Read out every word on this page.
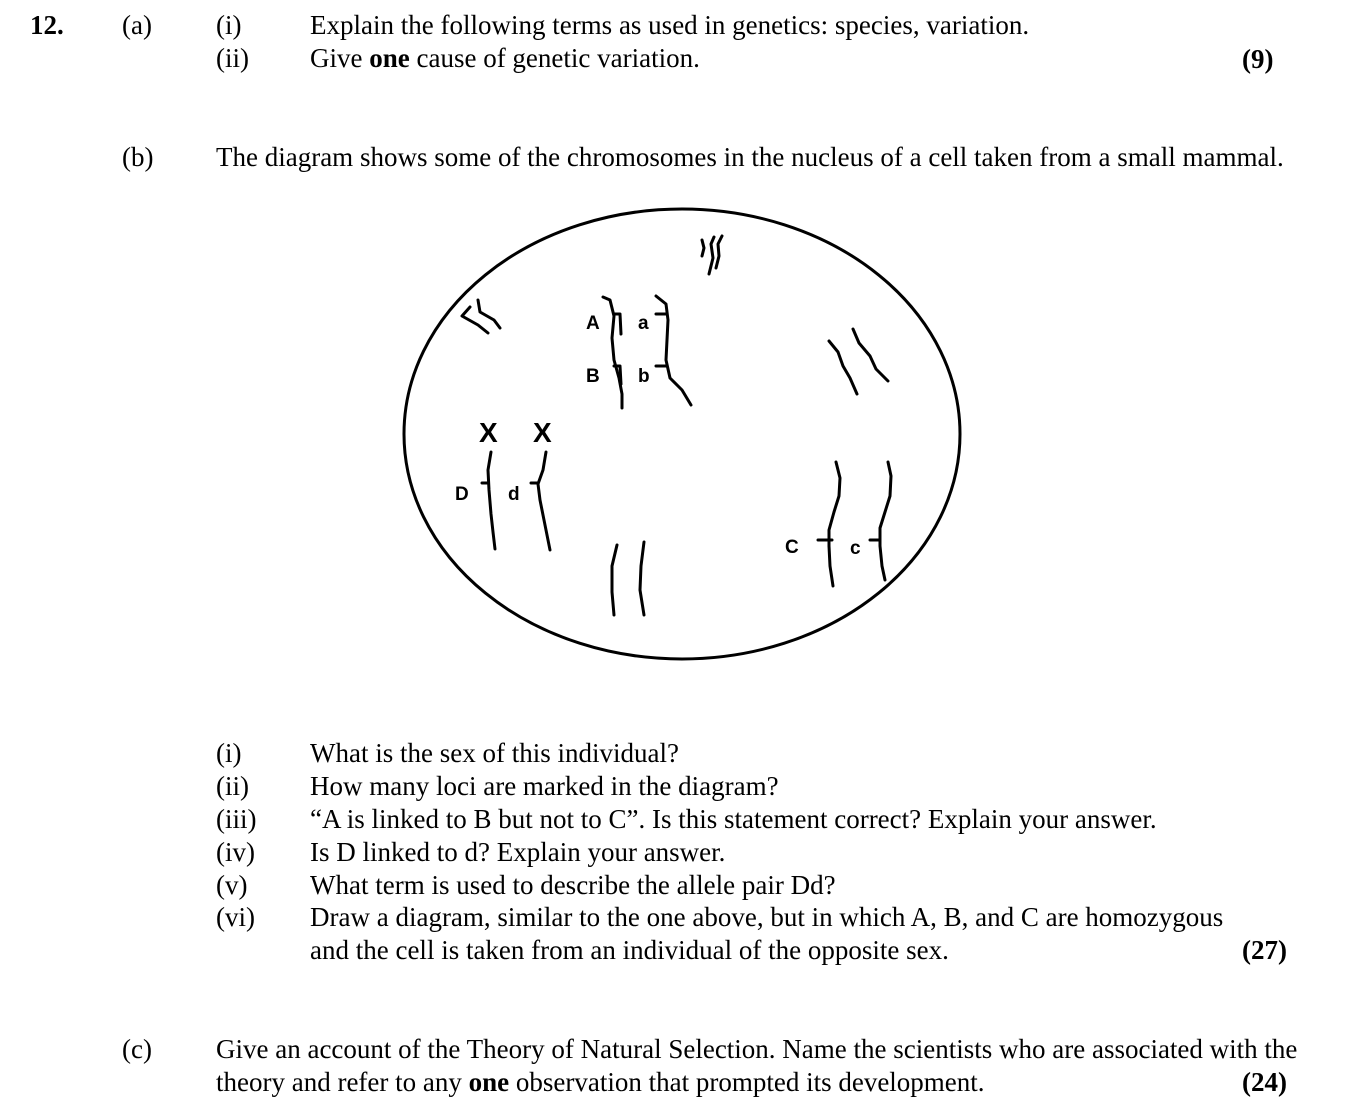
12. (a) (i)	Explain the following terms as used in genetics: species, variation.
(ii) Give one cause of genetic variation.	(9)
(b) The diagram shows some of the chromosomes in the nucleus of a cell taken from a small mammal.
A a
B b
X X
D d
C	c
(i)	What is the sex of this individual?
(ii) How many loci are marked in the diagram?
(iii) “A is linked to B but not to C”. Is this statement correct? Explain your answer.
(iv) Is D linked to d? Explain your answer.
(v) What term is used to describe the allele pair Dd?
(vi) Draw a diagram, similar to the one above, but in which A, B, and C are homozygous
and the cell is taken from an individual of the opposite sex.	(27)
(c) Give an account of the Theory of Natural Selection. Name the scientists who are associated with the
theory and refer to any one observation that prompted its development.	(24)
